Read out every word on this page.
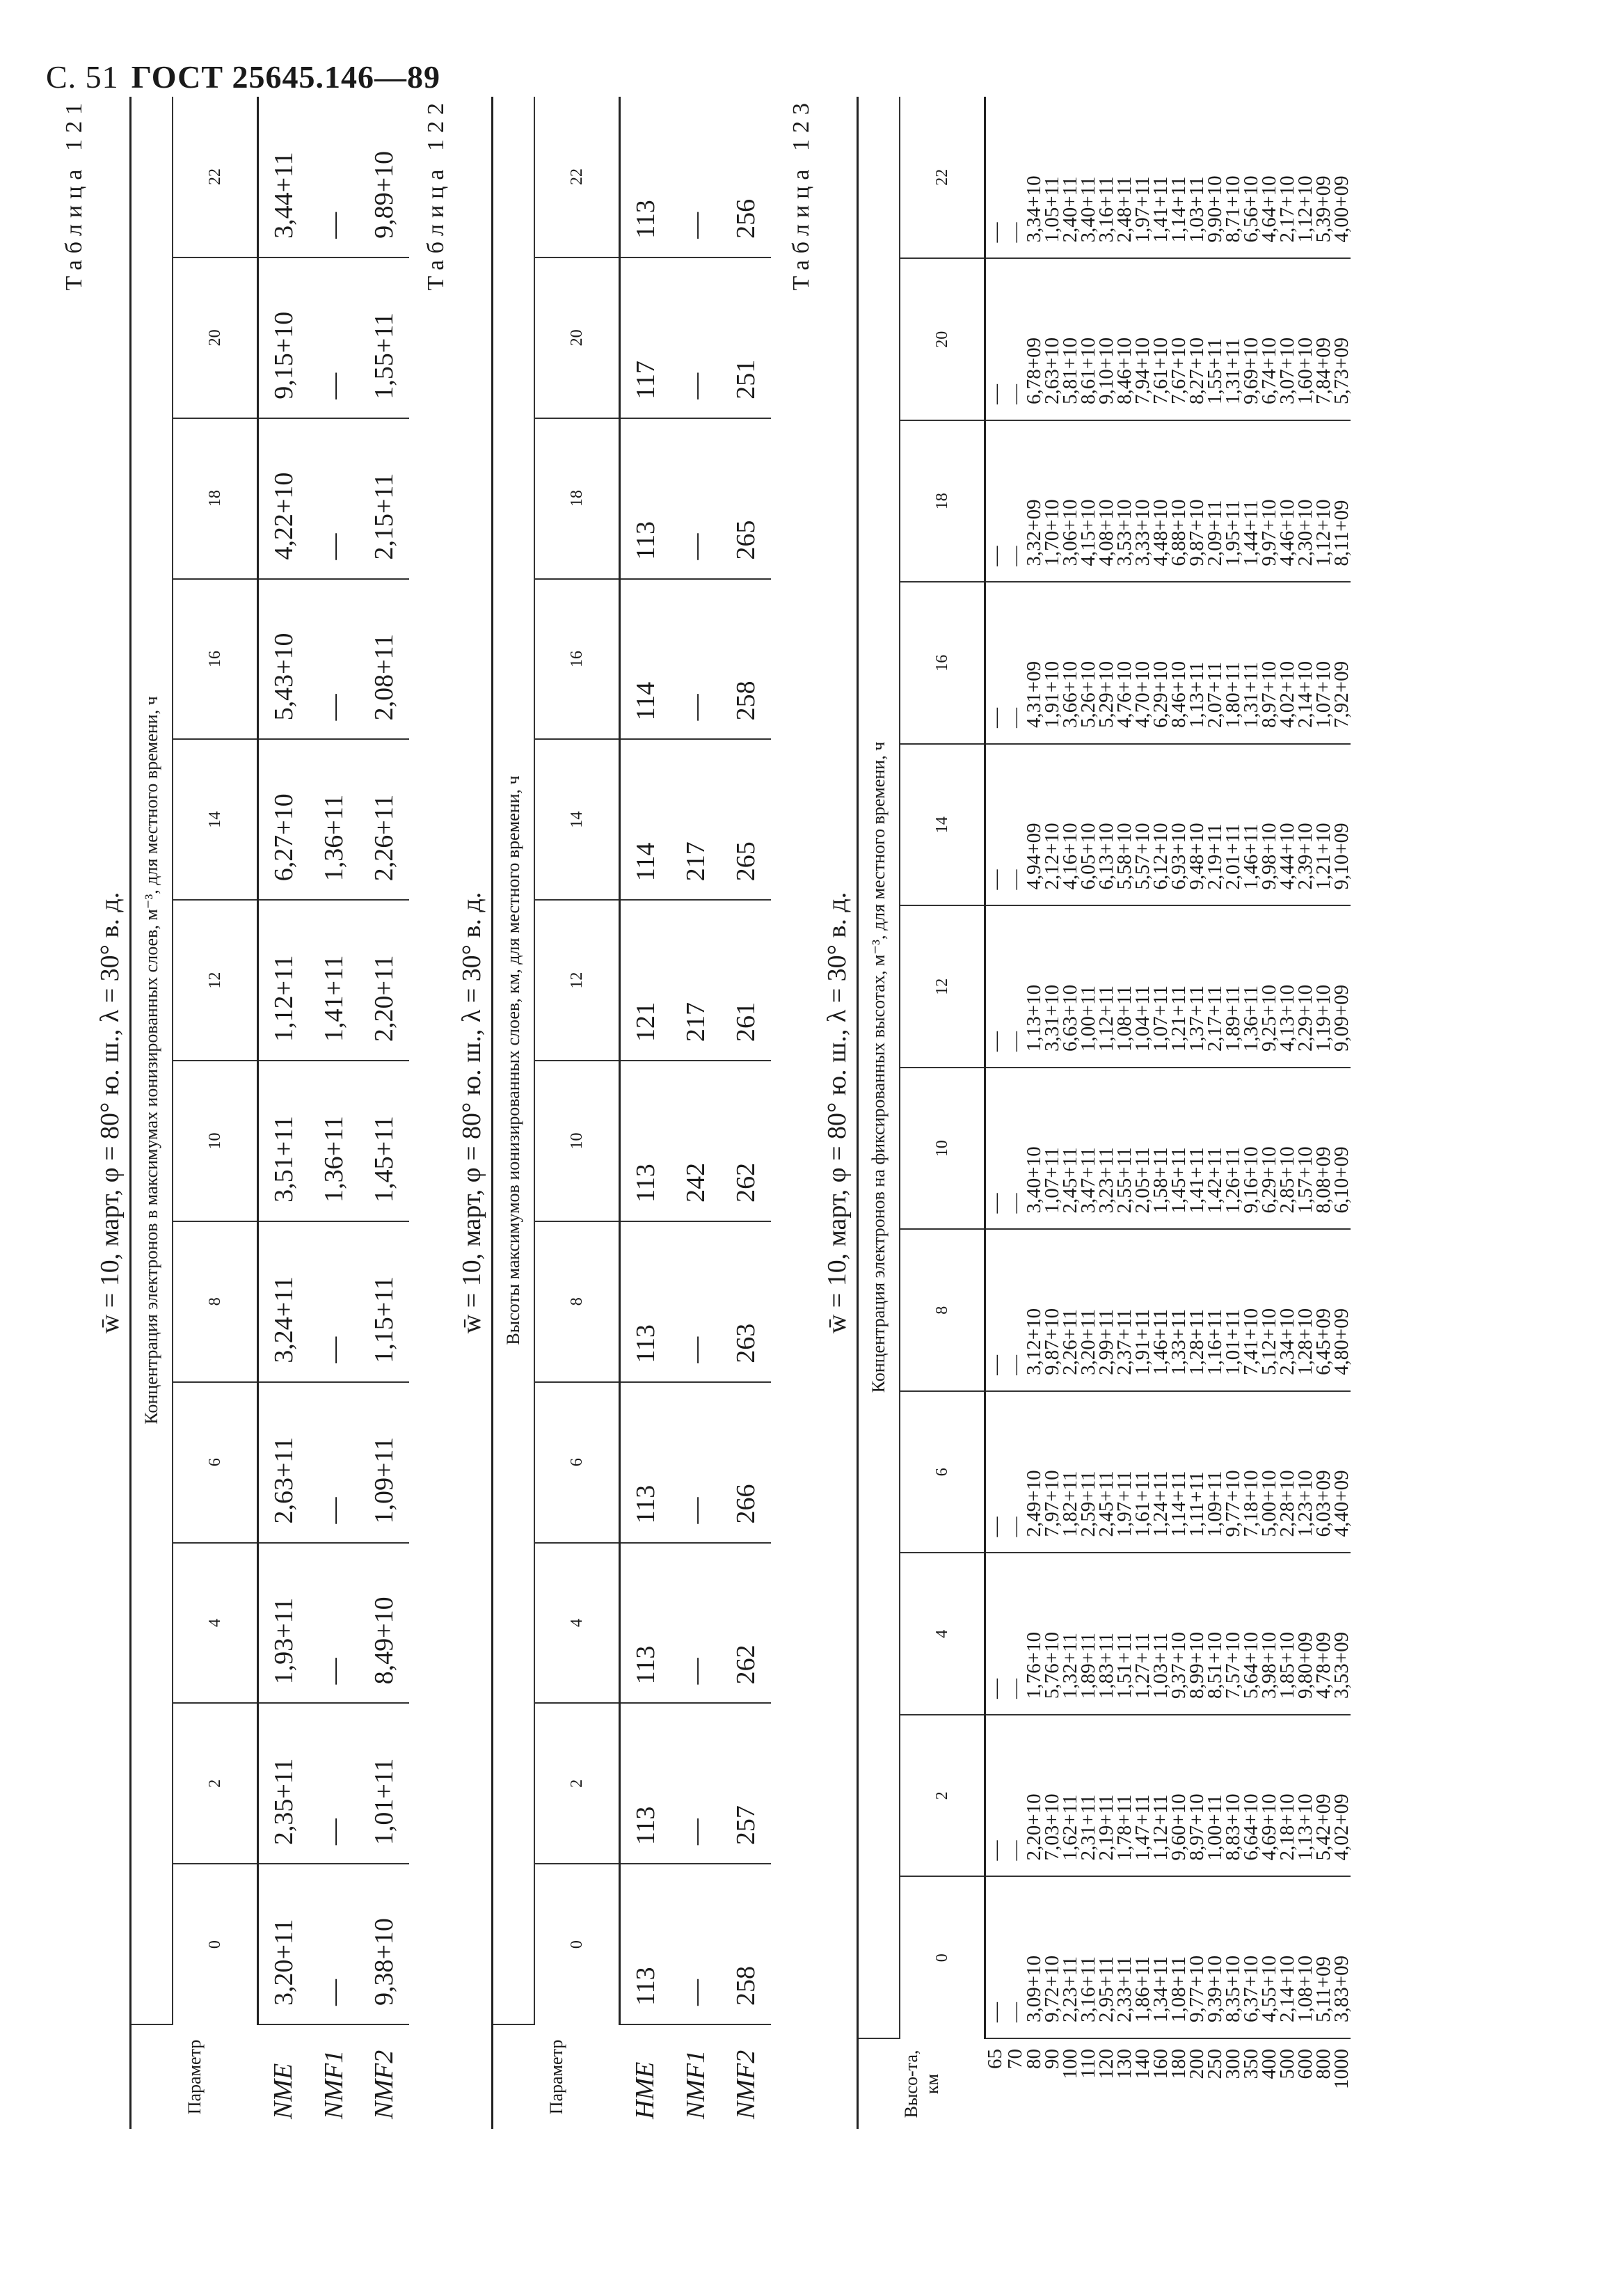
С. 51 ГОСТ 25645.146—89
Таблица 121
w̄ = 10, март, φ = 80° ю. ш., λ = 30° в. д.
Параметр	Концентрация электронов в максимумах ионизированных слоев, м⁻³, для местного времени, ч											
	0	2	4	6	8	10	12	14	16	18	20	22
NME	3,20+11	2,35+11	1,93+11	2,63+11	3,24+11	3,51+11	1,12+11	6,27+10	5,43+10	4,22+10	9,15+10	3,44+11
NMF1	—	—	—	—	—	1,36+11	1,41+11	1,36+11	—	—	—	—
NMF2	9,38+10	1,01+11	8,49+10	1,09+11	1,15+11	1,45+11	2,20+11	2,26+11	2,08+11	2,15+11	1,55+11	9,89+10 Таблица 122
w̄ = 10, март, φ = 80° ю. ш., λ = 30° в. д.
Параметр	Высоты максимумов ионизированных слоев, км, для местного времени, ч											
	0	2	4	6	8	10	12	14	16	18	20	22
HME	113	113	113	113	113	113	121	114	114	113	117	113
NMF1	—	—	—	—	—	242	217	217	—	—	—	—
NMF2	258	257	262	266	263	262	261	265	258	265	251	256 Таблица 123
w̄ = 10, март, φ = 80° ю. ш., λ = 30° в. д.
Высо-та, км	Концентрация электронов на фиксированных высотах, м⁻³, для местного времени, ч											
	0	2	4	6	8	10	12	14	16	18	20	22
65	—	—	—	—	—	—	—	—	—	—	—	—
70	—	—	—	—	—	—	—	—	—	—	—	—
80	3,09+10	2,20+10	1,76+10	2,49+10	3,12+10	3,40+10	1,13+10	4,94+09	4,31+09	3,32+09	6,78+09	3,34+10
90	9,72+10	7,03+10	5,76+10	7,97+10	9,87+10	1,07+11	3,31+10	2,12+10	1,91+10	1,70+10	2,63+10	1,05+11
100	2,23+11	1,62+11	1,32+11	1,82+11	2,26+11	2,45+11	6,63+10	4,16+10	3,66+10	3,06+10	5,81+10	2,40+11
110	3,16+11	2,31+11	1,89+11	2,59+11	3,20+11	3,47+11	1,00+11	6,05+10	5,26+10	4,15+10	8,61+10	3,40+11
120	2,95+11	2,19+11	1,83+11	2,45+11	2,99+11	3,23+11	1,12+11	6,13+10	5,29+10	4,08+10	9,10+10	3,16+11
130	2,33+11	1,78+11	1,51+11	1,97+11	2,37+11	2,55+11	1,08+11	5,58+10	4,76+10	3,53+10	8,46+10	2,48+11
140	1,86+11	1,47+11	1,27+11	1,61+11	1,91+11	2,05+11	1,04+11	5,57+10	4,70+10	3,33+10	7,94+10	1,97+11
160	1,34+11	1,12+11	1,03+11	1,24+11	1,46+11	1,58+11	1,07+11	6,12+10	6,29+10	4,48+10	7,61+10	1,41+11
180	1,08+11	9,60+10	9,37+10	1,14+11	1,33+11	1,45+11	1,21+11	6,93+10	8,46+10	6,88+10	7,67+10	1,14+11
200	9,77+10	8,97+10	8,99+10	1,11+11	1,28+11	1,41+11	1,37+11	9,48+10	1,13+11	9,87+10	8,27+10	1,03+11
250	9,39+10	1,00+11	8,51+10	1,09+11	1,16+11	1,42+11	2,17+11	2,19+11	2,07+11	2,09+11	1,55+11	9,90+10
300	8,35+10	8,83+10	7,57+10	9,77+10	1,01+11	1,26+11	1,89+11	2,01+11	1,80+11	1,95+11	1,31+11	8,71+10
350	6,37+10	6,64+10	5,64+10	7,18+10	7,41+10	9,16+10	1,36+11	1,46+11	1,31+11	1,44+11	9,69+10	6,56+10
400	4,55+10	4,69+10	3,98+10	5,00+10	5,12+10	6,29+10	9,25+10	9,98+10	8,97+10	9,97+10	6,74+10	4,64+10
500	2,14+10	2,18+10	1,85+10	2,28+10	2,34+10	2,85+10	4,13+10	4,44+10	4,02+10	4,46+10	3,07+10	2,17+10
600	1,08+10	1,13+10	9,80+09	1,23+10	1,28+10	1,57+10	2,29+10	2,39+10	2,14+10	2,30+10	1,60+10	1,12+10
800	5,11+09	5,42+09	4,78+09	6,03+09	6,45+09	8,08+09	1,19+10	1,21+10	1,07+10	1,12+10	7,84+09	5,39+09
1000	3,83+09	4,02+09	3,53+09	4,40+09	4,80+09	6,10+09	9,09+09	9,10+09	7,92+09	8,11+09	5,73+09	4,00+09
